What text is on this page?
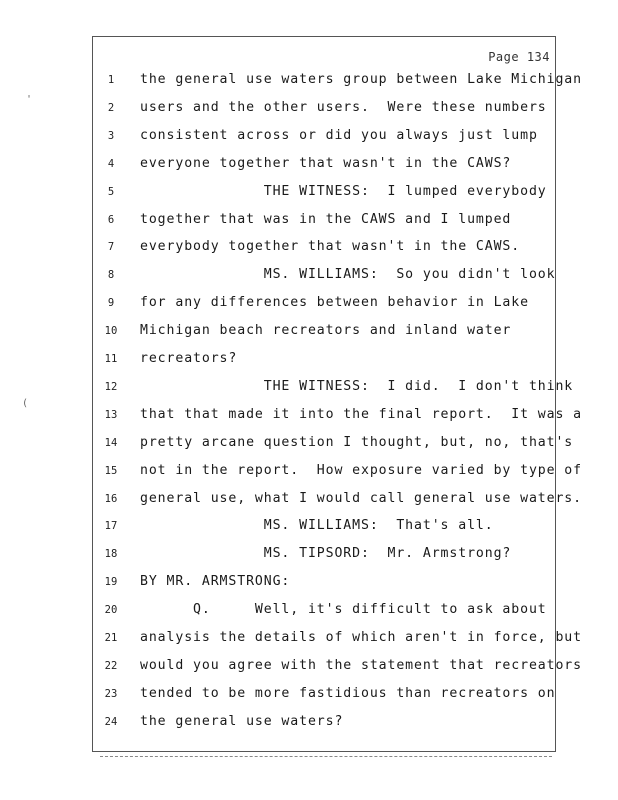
Page 134
1	the general use waters group between Lake Michigan
2	users and the other users.  Were these numbers
3	consistent across or did you always just lump
4	everyone together that wasn't in the CAWS?
5	THE WITNESS:  I lumped everybody
6	together that was in the CAWS and I lumped
7	everybody together that wasn't in the CAWS.
8	MS. WILLIAMS:  So you didn't look
9	for any differences between behavior in Lake
10	Michigan beach recreators and inland water
11	recreators?
12	THE WITNESS:  I did.  I don't think
13	that that made it into the final report.  It was a
14	pretty arcane question I thought, but, no, that's
15	not in the report.  How exposure varied by type of
16	general use, what I would call general use waters.
17	MS. WILLIAMS:  That's all.
18	MS. TIPSORD:  Mr. Armstrong?
19	BY MR. ARMSTRONG:
20	Q.     Well, it's difficult to ask about
21	analysis the details of which aren't in force, but
22	would you agree with the statement that recreators
23	tended to be more fastidious than recreators on
24	the general use waters?
'
(
